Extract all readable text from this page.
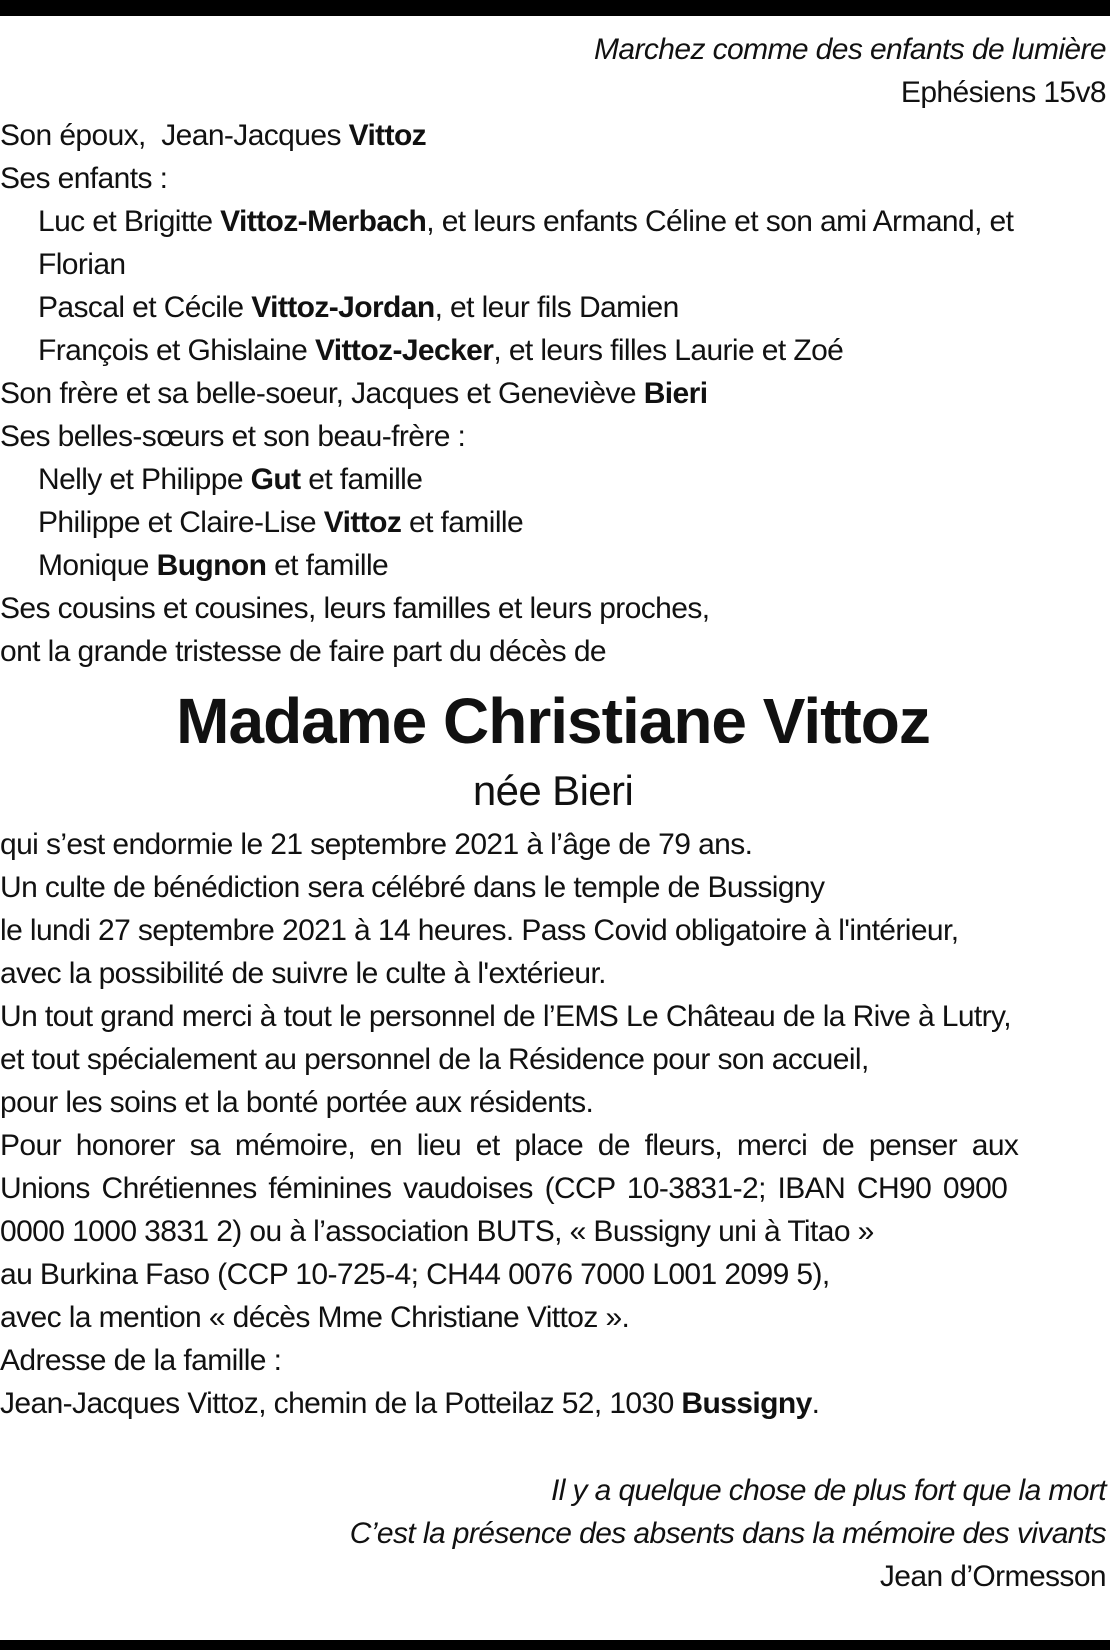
Marchez comme des enfants de lumière
Ephésiens 15v8
Son époux,  Jean-Jacques Vittoz
Ses enfants :
Luc et Brigitte Vittoz-Merbach, et leurs enfants Céline et son ami Armand, et Florian
Pascal et Cécile Vittoz-Jordan, et leur fils Damien
François et Ghislaine Vittoz-Jecker, et leurs filles Laurie et Zoé
Son frère et sa belle-soeur, Jacques et Geneviève Bieri
Ses belles-sœurs et son beau-frère :
Nelly et Philippe Gut et famille
Philippe et Claire-Lise Vittoz et famille
Monique Bugnon et famille
Ses cousins et cousines, leurs familles et leurs proches,
ont la grande tristesse de faire part du décès de
Madame Christiane Vittoz
née Bieri
qui s’est endormie le 21 septembre 2021 à l’âge de 79 ans.
Un culte de bénédiction sera célébré dans le temple de Bussigny
le lundi 27 septembre 2021 à 14 heures. Pass Covid obligatoire à l'intérieur,
avec la possibilité de suivre le culte à l'extérieur.
Un tout grand merci à tout le personnel de l’EMS Le Château de la Rive à Lutry,
et tout spécialement au personnel de la Résidence pour son accueil,
pour les soins et la bonté portée aux résidents.
Pour honorer sa mémoire, en lieu et place de fleurs, merci de penser aux
Unions Chrétiennes féminines vaudoises (CCP 10-3831-2; IBAN CH90 0900
0000 1000 3831 2) ou à l’association BUTS, « Bussigny uni à Titao »
au Burkina Faso (CCP 10-725-4; CH44 0076 7000 L001 2099 5),
avec la mention « décès Mme Christiane Vittoz ».
Adresse de la famille :
Jean-Jacques Vittoz, chemin de la Potteilaz 52, 1030 Bussigny.
Il y a quelque chose de plus fort que la mort
C’est la présence des absents dans la mémoire des vivants
Jean d’Ormesson
